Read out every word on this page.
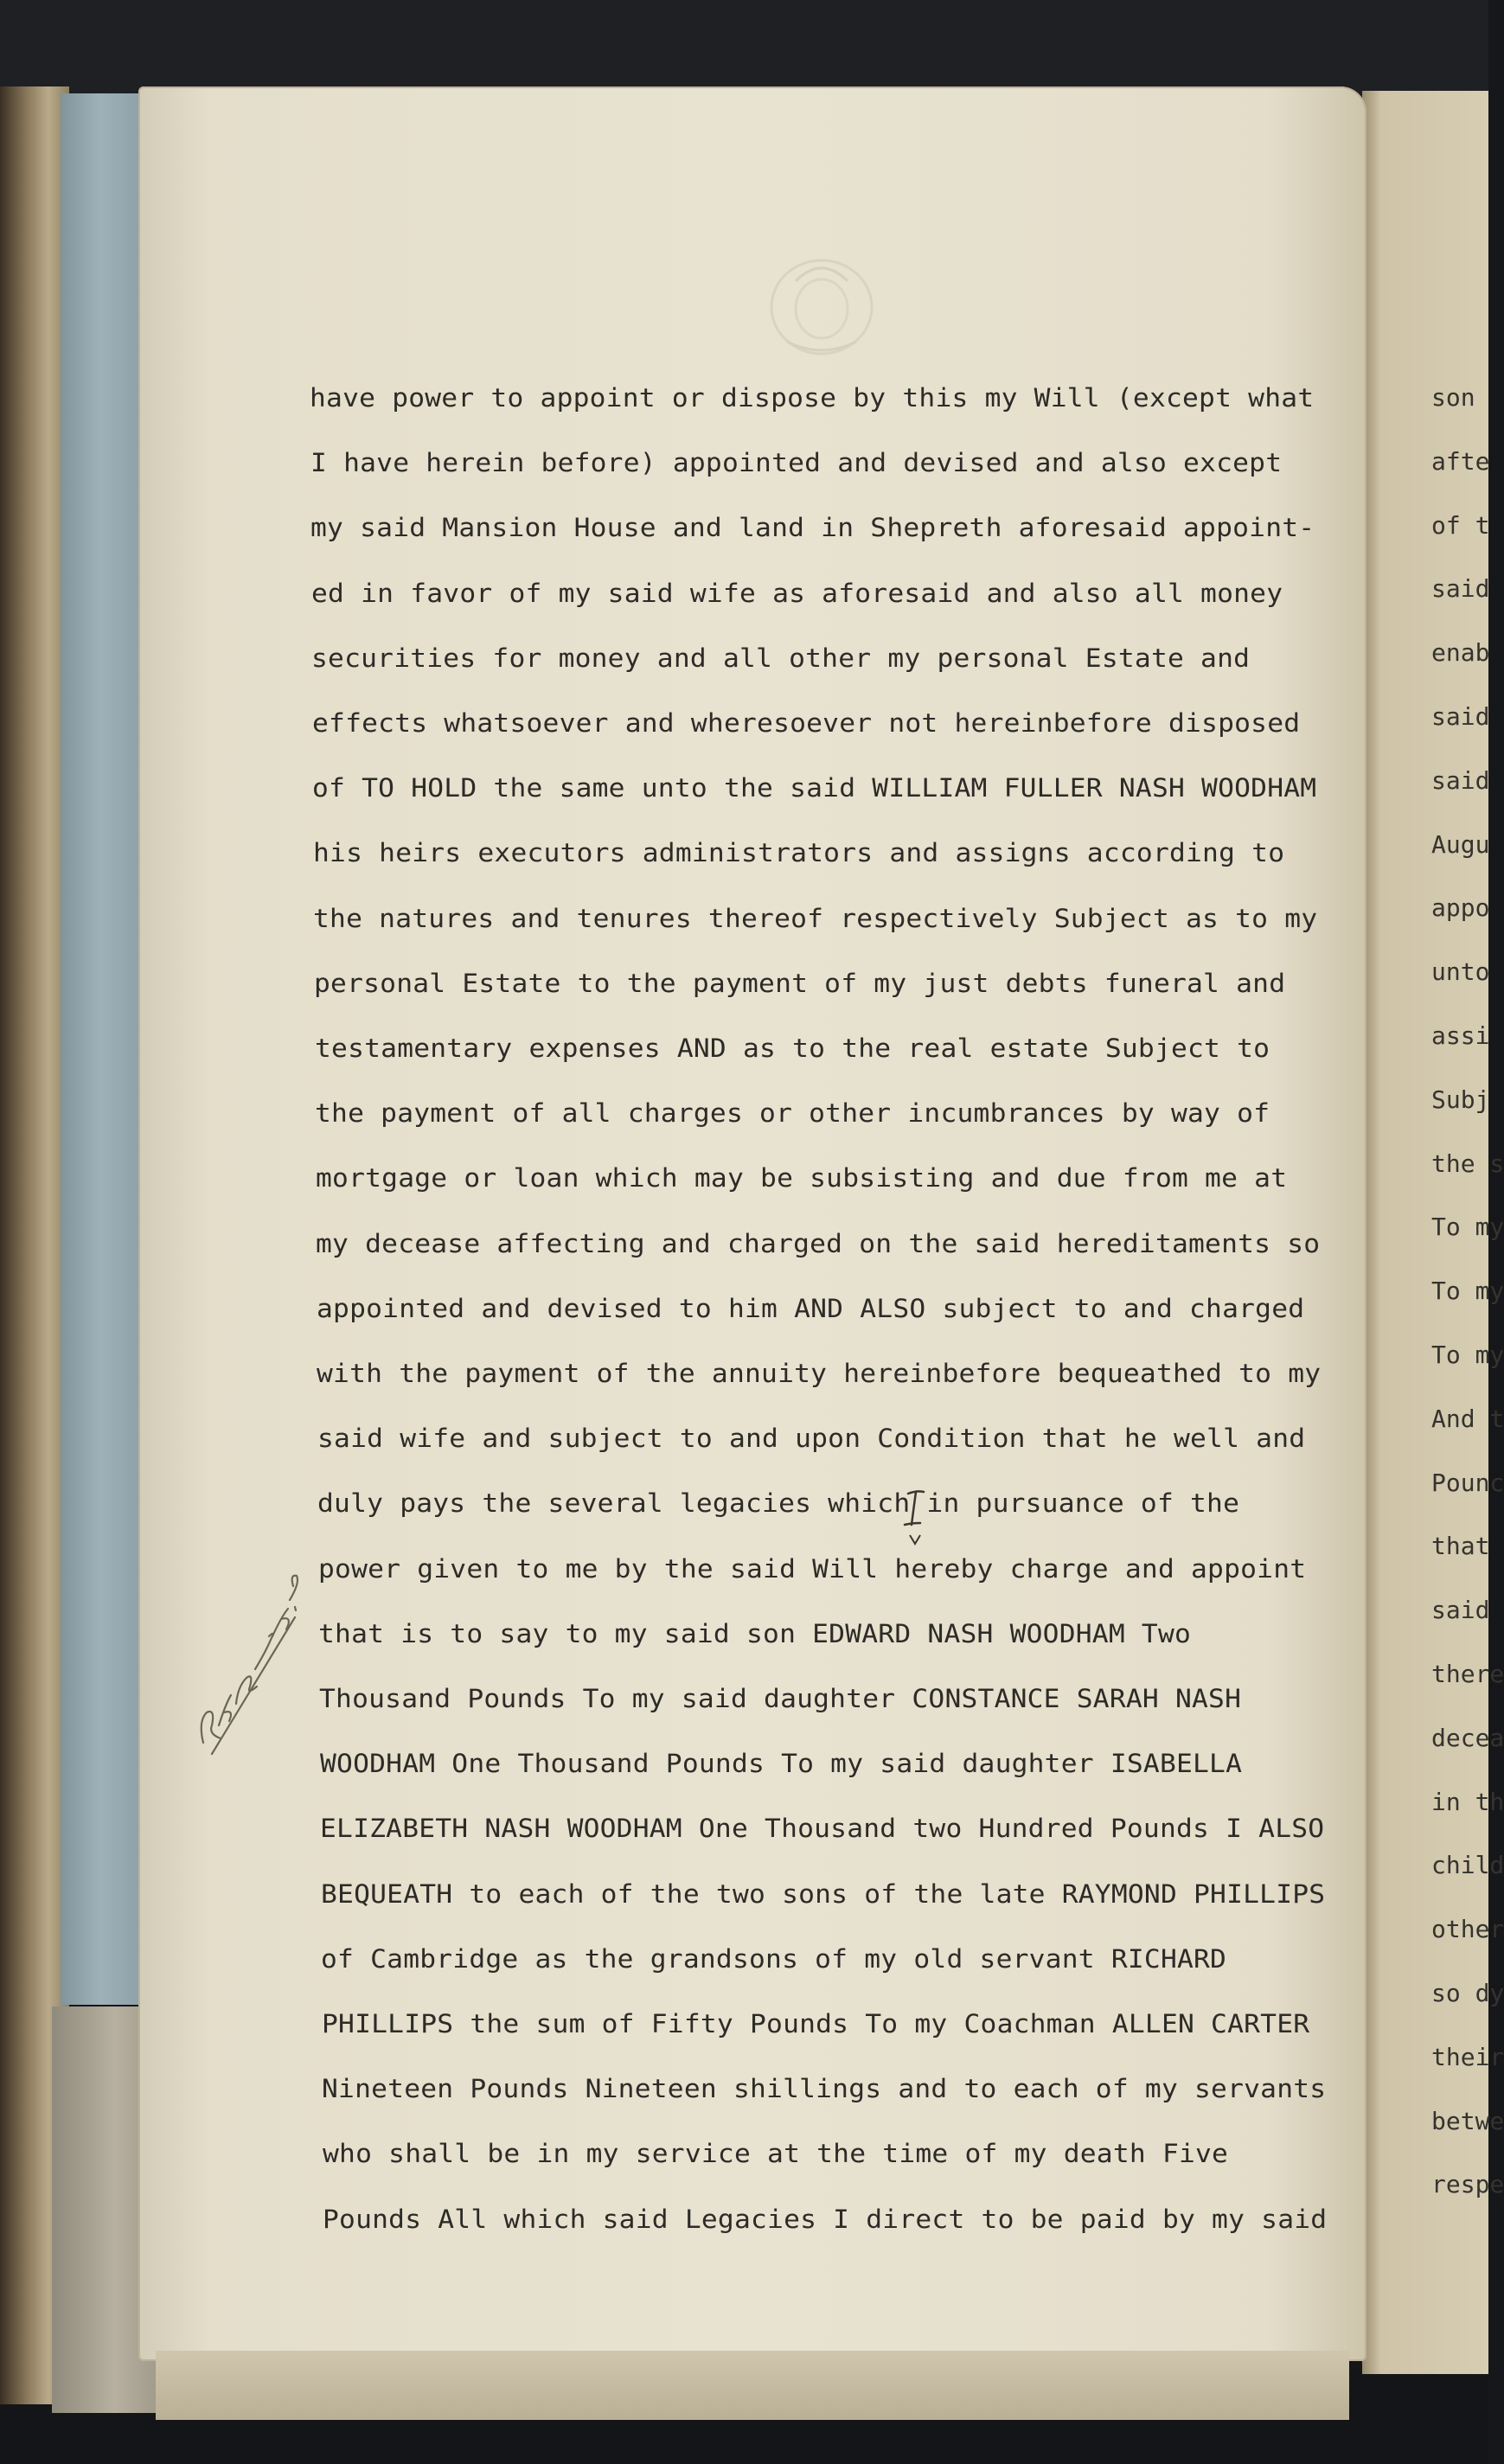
son
afte
of t
said
enab
said
said
Augu
appo
unto
assi
Subj
the s
To my
To my
To my
And t
Pounc
that
said
there
decea
in th
child
other
so dy
their
betwe
respe
have power to appoint or dispose by this my Will (except what
I have herein before) appointed and devised and also except
my said Mansion House and land in Shepreth aforesaid appoint-
ed in favor of my said wife as aforesaid and also all money
securities for money and all other my personal Estate and
effects whatsoever and wheresoever not hereinbefore disposed
of TO HOLD the same unto the said WILLIAM FULLER NASH WOODHAM
his heirs executors administrators and assigns according to
the natures and tenures thereof respectively Subject as to my
personal Estate to the payment of my just debts funeral and
testamentary expenses AND as to the real estate Subject to
the payment of all charges or other incumbrances by way of
mortgage or loan which may be subsisting and due from me at
my decease affecting and charged on the said hereditaments so
appointed and devised to him AND ALSO subject to and charged
with the payment of the annuity hereinbefore bequeathed to my
said wife and subject to and upon Condition that he well and
duly pays the several legacies which in pursuance of the
power given to me by the said Will hereby charge and appoint
that is to say to my said son EDWARD NASH WOODHAM Two
Thousand Pounds To my said daughter CONSTANCE SARAH NASH
WOODHAM One Thousand Pounds To my said daughter ISABELLA
ELIZABETH NASH WOODHAM One Thousand two Hundred Pounds I ALSO
BEQUEATH to each of the two sons of the late RAYMOND PHILLIPS
of Cambridge as the grandsons of my old servant RICHARD
PHILLIPS the sum of Fifty Pounds To my Coachman ALLEN CARTER
Nineteen Pounds Nineteen shillings and to each of my servants
who shall be in my service at the time of my death Five
Pounds All which said Legacies I direct to be paid by my said
